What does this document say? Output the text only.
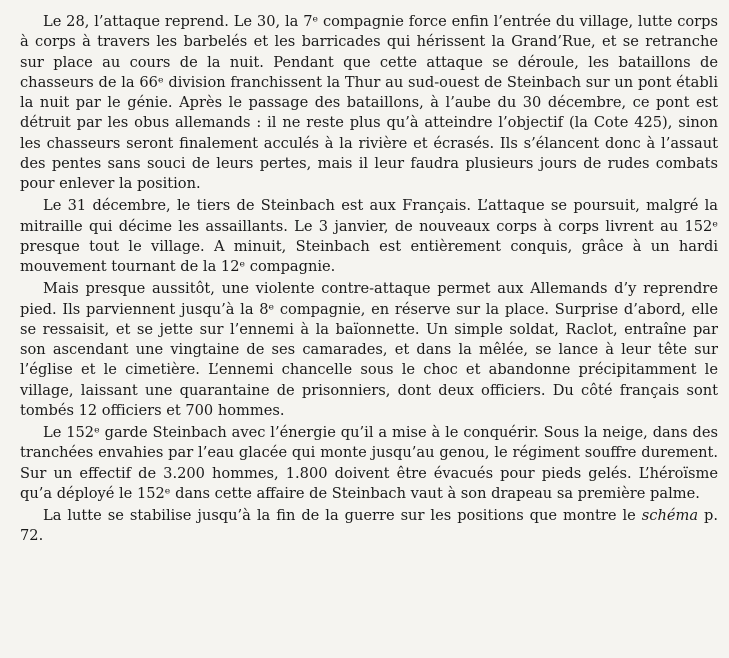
Le 28, l’attaque reprend. Le 30, la 7ᵉ compagnie force enfin l’entrée du village, lutte corps à corps à travers les barbelés et les barricades qui hérissent la Grand’Rue, et se retranche sur place au cours de la nuit. Pendant que cette attaque se déroule, les bataillons de chasseurs de la 66ᵉ division franchissent la Thur au sud-ouest de Steinbach sur un pont établi la nuit par le génie. Après le passage des bataillons, à l’aube du 30 décembre, ce pont est détruit par les obus allemands : il ne reste plus qu’à atteindre l’objectif (la Cote 425), sinon les chasseurs seront finalement acculés à la rivière et écrasés. Ils s’élancent donc à l’assaut des pentes sans souci de leurs pertes, mais il leur faudra plusieurs jours de rudes combats pour enlever la position.

Le 31 décembre, le tiers de Steinbach est aux Français. L’attaque se poursuit, malgré la mitraille qui décime les assaillants. Le 3 janvier, de nouveaux corps à corps livrent au 152ᵉ presque tout le village. A minuit, Steinbach est entièrement conquis, grâce à un hardi mouvement tournant de la 12ᵉ compagnie.

Mais presque aussitôt, une violente contre-attaque permet aux Allemands d’y reprendre pied. Ils parviennent jusqu’à la 8ᵉ compagnie, en réserve sur la place. Surprise d’abord, elle se ressaisit, et se jette sur l’ennemi à la baïonnette. Un simple soldat, Raclot, entraîne par son ascendant une vingtaine de ses camarades, et dans la mêlée, se lance à leur tête sur l’église et le cimetière. L’ennemi chancelle sous le choc et abandonne précipitamment le village, laissant une quarantaine de prisonniers, dont deux officiers. Du côté français sont tombés 12 officiers et 700 hommes.

Le 152ᵉ garde Steinbach avec l’énergie qu’il a mise à le conquérir. Sous la neige, dans des tranchées envahies par l’eau glacée qui monte jusqu’au genou, le régiment souffre durement. Sur un effectif de 3.200 hommes, 1.800 doivent être évacués pour pieds gelés. L’héroïsme qu’a déployé le 152ᵉ dans cette affaire de Steinbach vaut à son drapeau sa première palme.

La lutte se stabilise jusqu’à la fin de la guerre sur les positions que montre le schéma p. 72.
